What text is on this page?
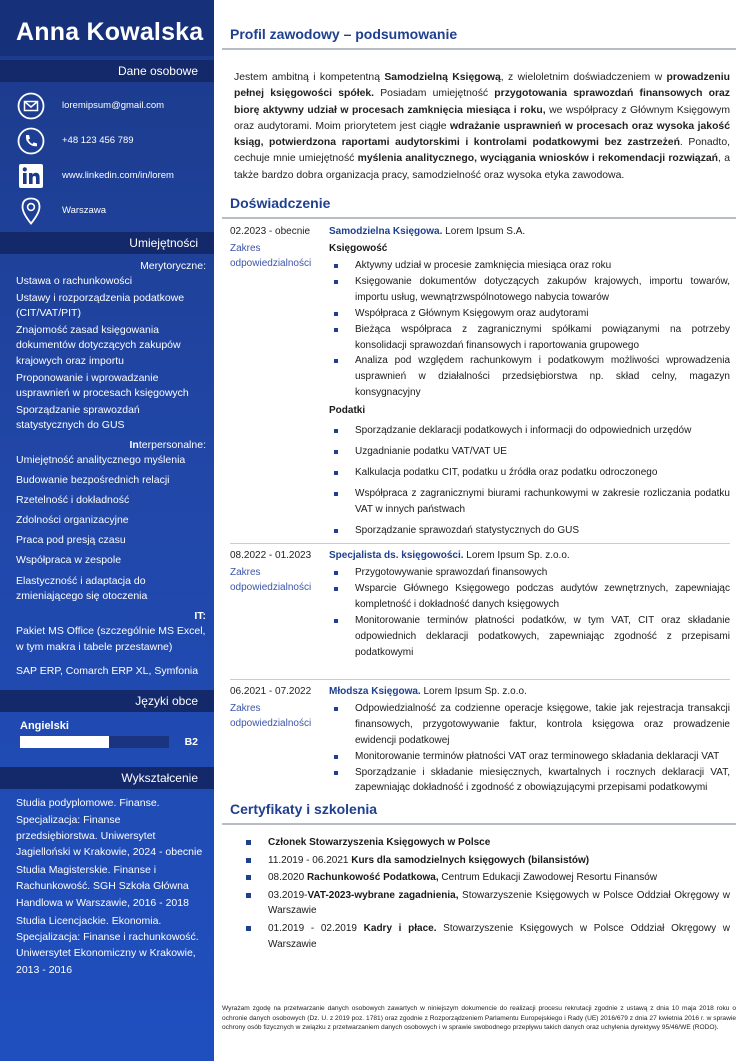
Anna Kowalska
Dane osobowe
loremipsum@gmail.com
+48 123 456 789
www.linkedin.com/in/lorem
Warszawa
Umiejętności
Merytoryczne:
Ustawa o rachunkowości
Ustawy i rozporządzenia podatkowe (CIT/VAT/PIT)
Znajomość zasad księgowania dokumentów dotyczących zakupów krajowych oraz importu
Proponowanie i wprowadzanie usprawnień w procesach księgowych
Sporządzanie sprawozdań statystycznych do GUS
Interpersonalne:
Umiejętność analitycznego myślenia
Budowanie bezpośrednich relacji
Rzetelność i dokładność
Zdolności organizacyjne
Praca pod presją czasu
Współpraca w zespole
Elastyczność i adaptacja do zmieniającego się otoczenia
IT:
Pakiet MS Office (szczególnie MS Excel, w tym makra i tabele przestawne)
SAP ERP, Comarch ERP XL, Symfonia
Języki obce
Angielski
B2
Wykształcenie
Studia podyplomowe. Finanse. Specjalizacja: Finanse przedsiębiorstwa. Uniwersytet Jagielloński w Krakowie, 2024 - obecnie
Studia Magisterskie. Finanse i Rachunkowość. SGH Szkoła Główna Handlowa w Warszawie, 2016 - 2018
Studia Licencjackie. Ekonomia. Specjalizacja: Finanse i rachunkowość. Uniwersytet Ekonomiczny w Krakowie, 2013 - 2016
Profil zawodowy – podsumowanie

Jestem ambitną i kompetentną Samodzielną Księgową, z wieloletnim doświadczeniem w prowadzeniu pełnej księgowości spółek. Posiadam umiejętność przygotowania sprawozdań finansowych oraz biorę aktywny udział w procesach zamknięcia miesiąca i roku, we współpracy z Głównym Księgowym oraz audytorami. Moim priorytetem jest ciągłe wdrażanie usprawnień w procesach oraz wysoka jakość ksiąg, potwierdzona raportami audytorskimi i kontrolami podatkowymi bez zastrzeżeń. Ponadto, cechuje mnie umiejętność myślenia analitycznego, wyciągania wniosków i rekomendacji rozwiązań, a także bardzo dobra organizacja pracy, samodzielność oraz wysoka etyka zawodowa.

Doświadczenie
02.2023 - obecnie	Samodzielna Księgowa. Lorem Ipsum S.A.
Zakres odpowiedzialności
Księgowość
Aktywny udział w procesie zamknięcia miesiąca oraz roku
Księgowanie dokumentów dotyczących zakupów krajowych, importu towarów, importu usług, wewnątrzwspólnotowego nabycia towarów
Współpraca z Głównym Księgowym oraz audytorami
Bieżąca współpraca z zagranicznymi spółkami powiązanymi na potrzeby konsolidacji sprawozdań finansowych i raportowania grupowego
Analiza pod względem rachunkowym i podatkowym możliwości wprowadzenia usprawnień w działalności przedsiębiorstwa np. skład celny, magazyn konsygnacyjny
Podatki
Sporządzanie deklaracji podatkowych i informacji do odpowiednich urzędów
Uzgadnianie podatku VAT/VAT UE
Kalkulacja podatku CIT, podatku u źródła oraz podatku odroczonego
Współpraca z zagranicznymi biurami rachunkowymi w zakresie rozliczania podatku VAT w innych państwach
Sporządzanie sprawozdań statystycznych do GUS
08.2022 - 01.2023	Specjalista ds. księgowości. Lorem Ipsum Sp. z.o.o.
Zakres odpowiedzialności
Przygotowywanie sprawozdań finansowych
Wsparcie Głównego Księgowego podczas audytów zewnętrznych, zapewniając kompletność i dokładność danych księgowych
Monitorowanie terminów płatności podatków, w tym VAT, CIT oraz składanie odpowiednich deklaracji podatkowych, zapewniając zgodność z przepisami podatkowymi
06.2021 - 07.2022	Młodsza Księgowa. Lorem Ipsum Sp. z.o.o.
Zakres odpowiedzialności
Odpowiedzialność za codzienne operacje księgowe, takie jak rejestracja transakcji finansowych, przygotowywanie faktur, kontrola księgowa oraz prowadzenie ewidencji podatkowej
Monitorowanie terminów płatności VAT oraz terminowego składania deklaracji VAT
Sporządzanie i składanie miesięcznych, kwartalnych i rocznych deklaracji VAT, zapewniając dokładność i zgodność z obowiązującymi przepisami podatkowymi
Certyfikaty i szkolenia
Członek Stowarzyszenia Księgowych w Polsce
11.2019 - 06.2021 Kurs dla samodzielnych księgowych (bilansistów)
08.2020 Rachunkowość Podatkowa, Centrum Edukacji Zawodowej Resortu Finansów
03.2019-VAT-2023-wybrane zagadnienia, Stowarzyszenie Księgowych w Polsce Oddział Okręgowy w Warszawie
01.2019 - 02.2019 Kadry i płace. Stowarzyszenie Księgowych w Polsce Oddział Okręgowy w Warszawie
Wyrażam zgodę na przetwarzanie danych osobowych zawartych w niniejszym dokumencie do realizacji procesu rekrutacji zgodnie z ustawą z dnia 10 maja 2018 roku o ochronie danych osobowych (Dz. U. z 2019 poz. 1781) oraz zgodnie z Rozporządzeniem Parlamentu Europejskiego i Rady (UE) 2016/679 z dnia 27 kwietnia 2016 r. w sprawie ochrony osób fizycznych w związku z przetwarzaniem danych osobowych i w sprawie swobodnego przepływu takich danych oraz uchylenia dyrektywy 95/46/WE (RODO).
